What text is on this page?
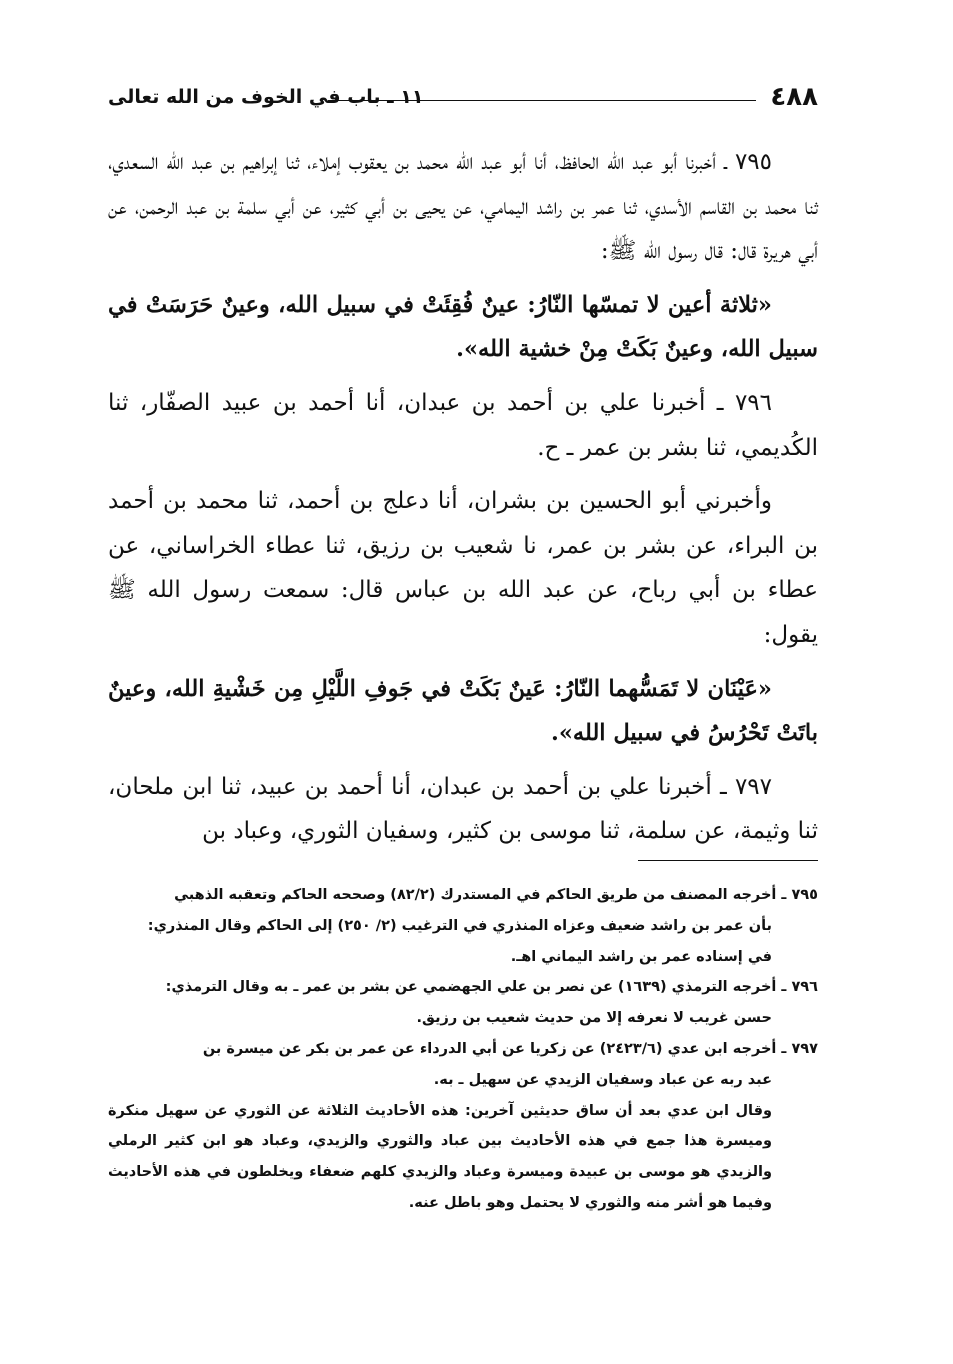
٤٨٨
١١ ـ باب في الخوف من الله تعالى

٧٩٥ ـ أخبرنا أبو عبد الله الحافظ، أنا أبو عبد الله محمد بن يعقوب إملاء، ثنا إبراهيم بن عبد الله السعدي، ثنا محمد بن القاسم الأسدي، ثنا عمر بن راشد اليمامي، عن يحيى بن أبي كثير، عن أبي سلمة بن عبد الرحمن، عن أبي هريرة قال: قال رسول الله ﷺ:

«ثلاثة أعين لا تمسّها النّارُ: عينٌ فُقِئَتْ في سبيل الله، وعينٌ حَرَسَتْ في سبيل الله، وعينٌ بَكَتْ مِنْ خشية الله».

٧٩٦ ـ أخبرنا علي بن أحمد بن عبدان، أنا أحمد بن عبيد الصفّار، ثنا الكُديمي، ثنا بشر بن عمر ـ ح.

وأخبرني أبو الحسين بن بشران، أنا دعلج بن أحمد، ثنا محمد بن أحمد بن البراء، عن بشر بن عمر، نا شعيب بن رزيق، ثنا عطاء الخراساني، عن عطاء بن أبي رباح، عن عبد الله بن عباس قال: سمعت رسول الله ﷺ يقول:

«عَيْنَان لا تَمَسُّهما النّارُ: عَينٌ بَكَتْ في جَوفِ اللَّيْلِ مِن خَشْيةِ الله، وعينٌ باتَتْ تَحْرُسُ في سبيل الله».

٧٩٧ ـ أخبرنا علي بن أحمد بن عبدان، أنا أحمد بن عبيد، ثنا ابن ملحان، ثنا وثيمة، عن سلمة، ثنا موسى بن كثير، وسفيان الثوري، وعباد بن

٧٩٥ ـ أخرجه المصنف من طريق الحاكم في المستدرك (٨٢/٢) وصححه الحاكم وتعقبه الذهبي
بأن عمر بن راشد ضعيف وعزاه المنذري في الترغيب (٢/ ٢٥٠) إلى الحاكم وقال المنذري:
في إسناده عمر بن راشد اليماني اهـ.
٧٩٦ ـ أخرجه الترمذي (١٦٣٩) عن نصر بن علي الجهضمي عن بشر بن عمر ـ به وقال الترمذي:
حسن غريب لا نعرفه إلا من حديث شعيب بن رزيق.
٧٩٧ ـ أخرجه ابن عدي (٢٤٢٣/٦) عن زكريا عن أبي الدرداء عن عمر بن بكر عن ميسرة بن
عبد ربه عن عباد وسفيان الزيدي عن سهيل ـ به.

وقال ابن عدي بعد أن ساق حديثين آخرين: هذه الأحاديث الثلاثة عن الثوري عن سهيل منكرة وميسرة هذا جمع في هذه الأحاديث بين عباد والثوري والزيدي، وعباد هو ابن كثير الرملي والزيدي هو موسى بن عبيدة وميسرة وعباد والزيدي كلهم ضعفاء ويخلطون في هذه الأحاديث وفيما هو أشر منه والثوري لا يحتمل وهو باطل عنه.
